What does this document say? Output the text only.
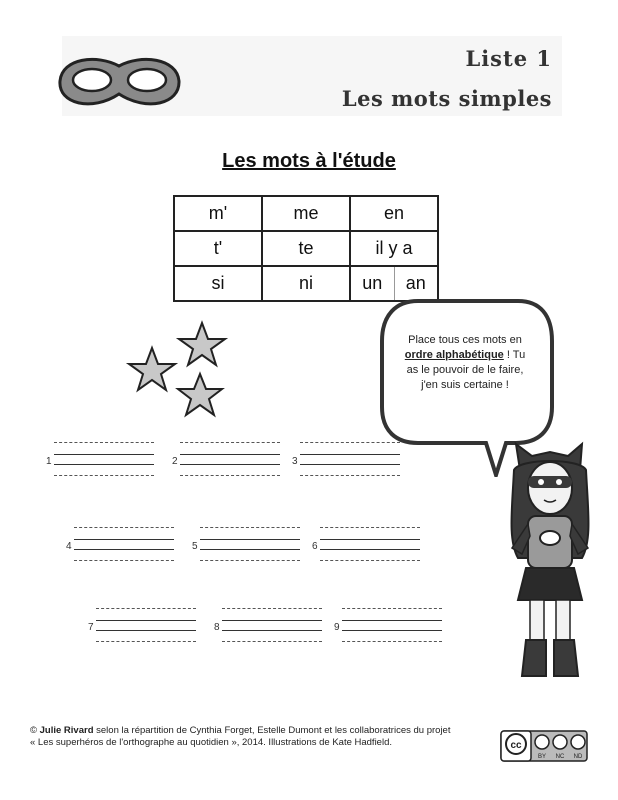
Liste 1
Les mots simples
Les mots à l'étude
m'	me	en
t'	te	il y a
si	ni	un an
Place tous ces mots en ordre alphabétique ! Tu as le pouvoir de le faire, j'en suis certaine !
1	2	3
4	5	6
7	8	9
© Julie Rivard selon la répartition de Cynthia Forget, Estelle Dumont et les collaboratrices du projet
« Les superhéros de l'orthographe au quotidien », 2014. Illustrations de Kate Hadfield.	cc
BY NC ND
